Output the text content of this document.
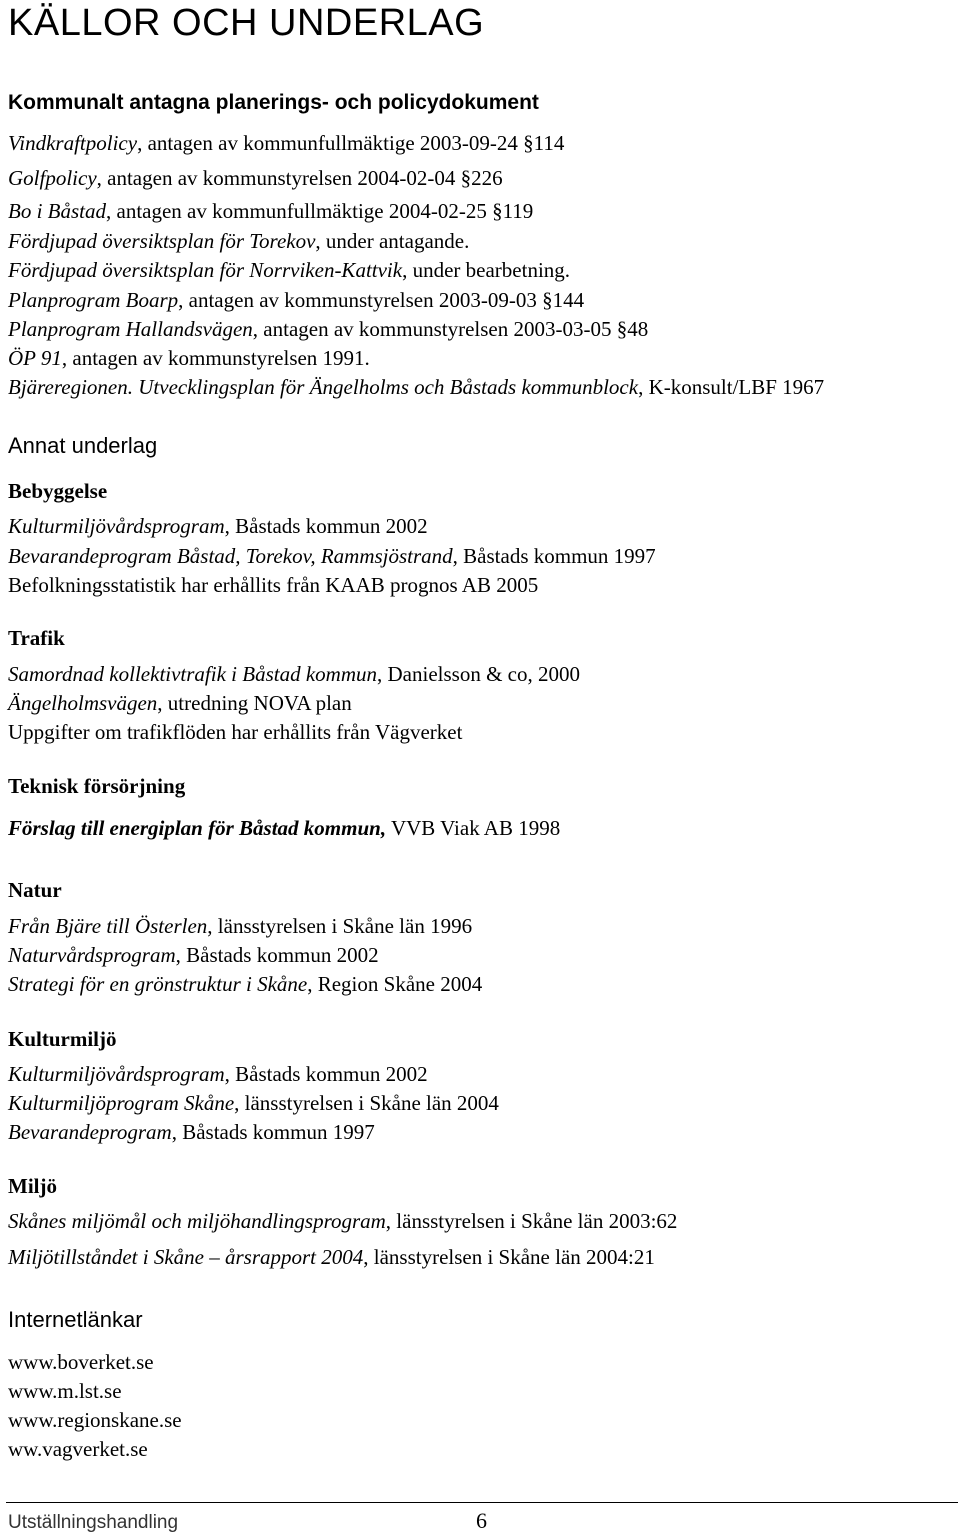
KÄLLOR OCH UNDERLAG
Kommunalt antagna planerings- och policydokument
Vindkraftpolicy, antagen av kommunfullmäktige 2003-09-24 §114
Golfpolicy, antagen av kommunstyrelsen 2004-02-04 §226
Bo i Båstad, antagen av kommunfullmäktige 2004-02-25 §119
Fördjupad översiktsplan för Torekov, under antagande.
Fördjupad översiktsplan för Norrviken-Kattvik, under bearbetning.
Planprogram Boarp, antagen av kommunstyrelsen 2003-09-03 §144
Planprogram Hallandsvägen, antagen av kommunstyrelsen 2003-03-05 §48
ÖP 91, antagen av kommunstyrelsen 1991.
Bjäreregionen. Utvecklingsplan för Ängelholms och Båstads kommunblock, K-konsult/LBF 1967
Annat underlag
Bebyggelse
Kulturmiljövårdsprogram, Båstads kommun 2002
Bevarandeprogram Båstad, Torekov, Rammsjöstrand, Båstads kommun 1997
Befolkningsstatistik har erhållits från KAAB prognos AB 2005
Trafik
Samordnad kollektivtrafik i Båstad kommun, Danielsson & co, 2000
Ängelholmsvägen, utredning NOVA plan
Uppgifter om trafikflöden har erhållits från Vägverket
Teknisk försörjning
Förslag till energiplan för Båstad kommun, VVB Viak AB 1998
Natur
Från Bjäre till Österlen, länsstyrelsen i Skåne län 1996
Naturvårdsprogram, Båstads kommun 2002
Strategi för en grönstruktur i Skåne, Region Skåne 2004
Kulturmiljö
Kulturmiljövårdsprogram, Båstads kommun 2002
Kulturmiljöprogram Skåne, länsstyrelsen i Skåne län 2004
Bevarandeprogram, Båstads kommun 1997
Miljö
Skånes miljömål och miljöhandlingsprogram, länsstyrelsen i Skåne län 2003:62
Miljötillståndet i Skåne – årsrapport 2004, länsstyrelsen i Skåne län 2004:21
Internetlänkar
www.boverket.se
www.m.lst.se
www.regionskane.se
ww.vagverket.se
Utställningshandling	6
